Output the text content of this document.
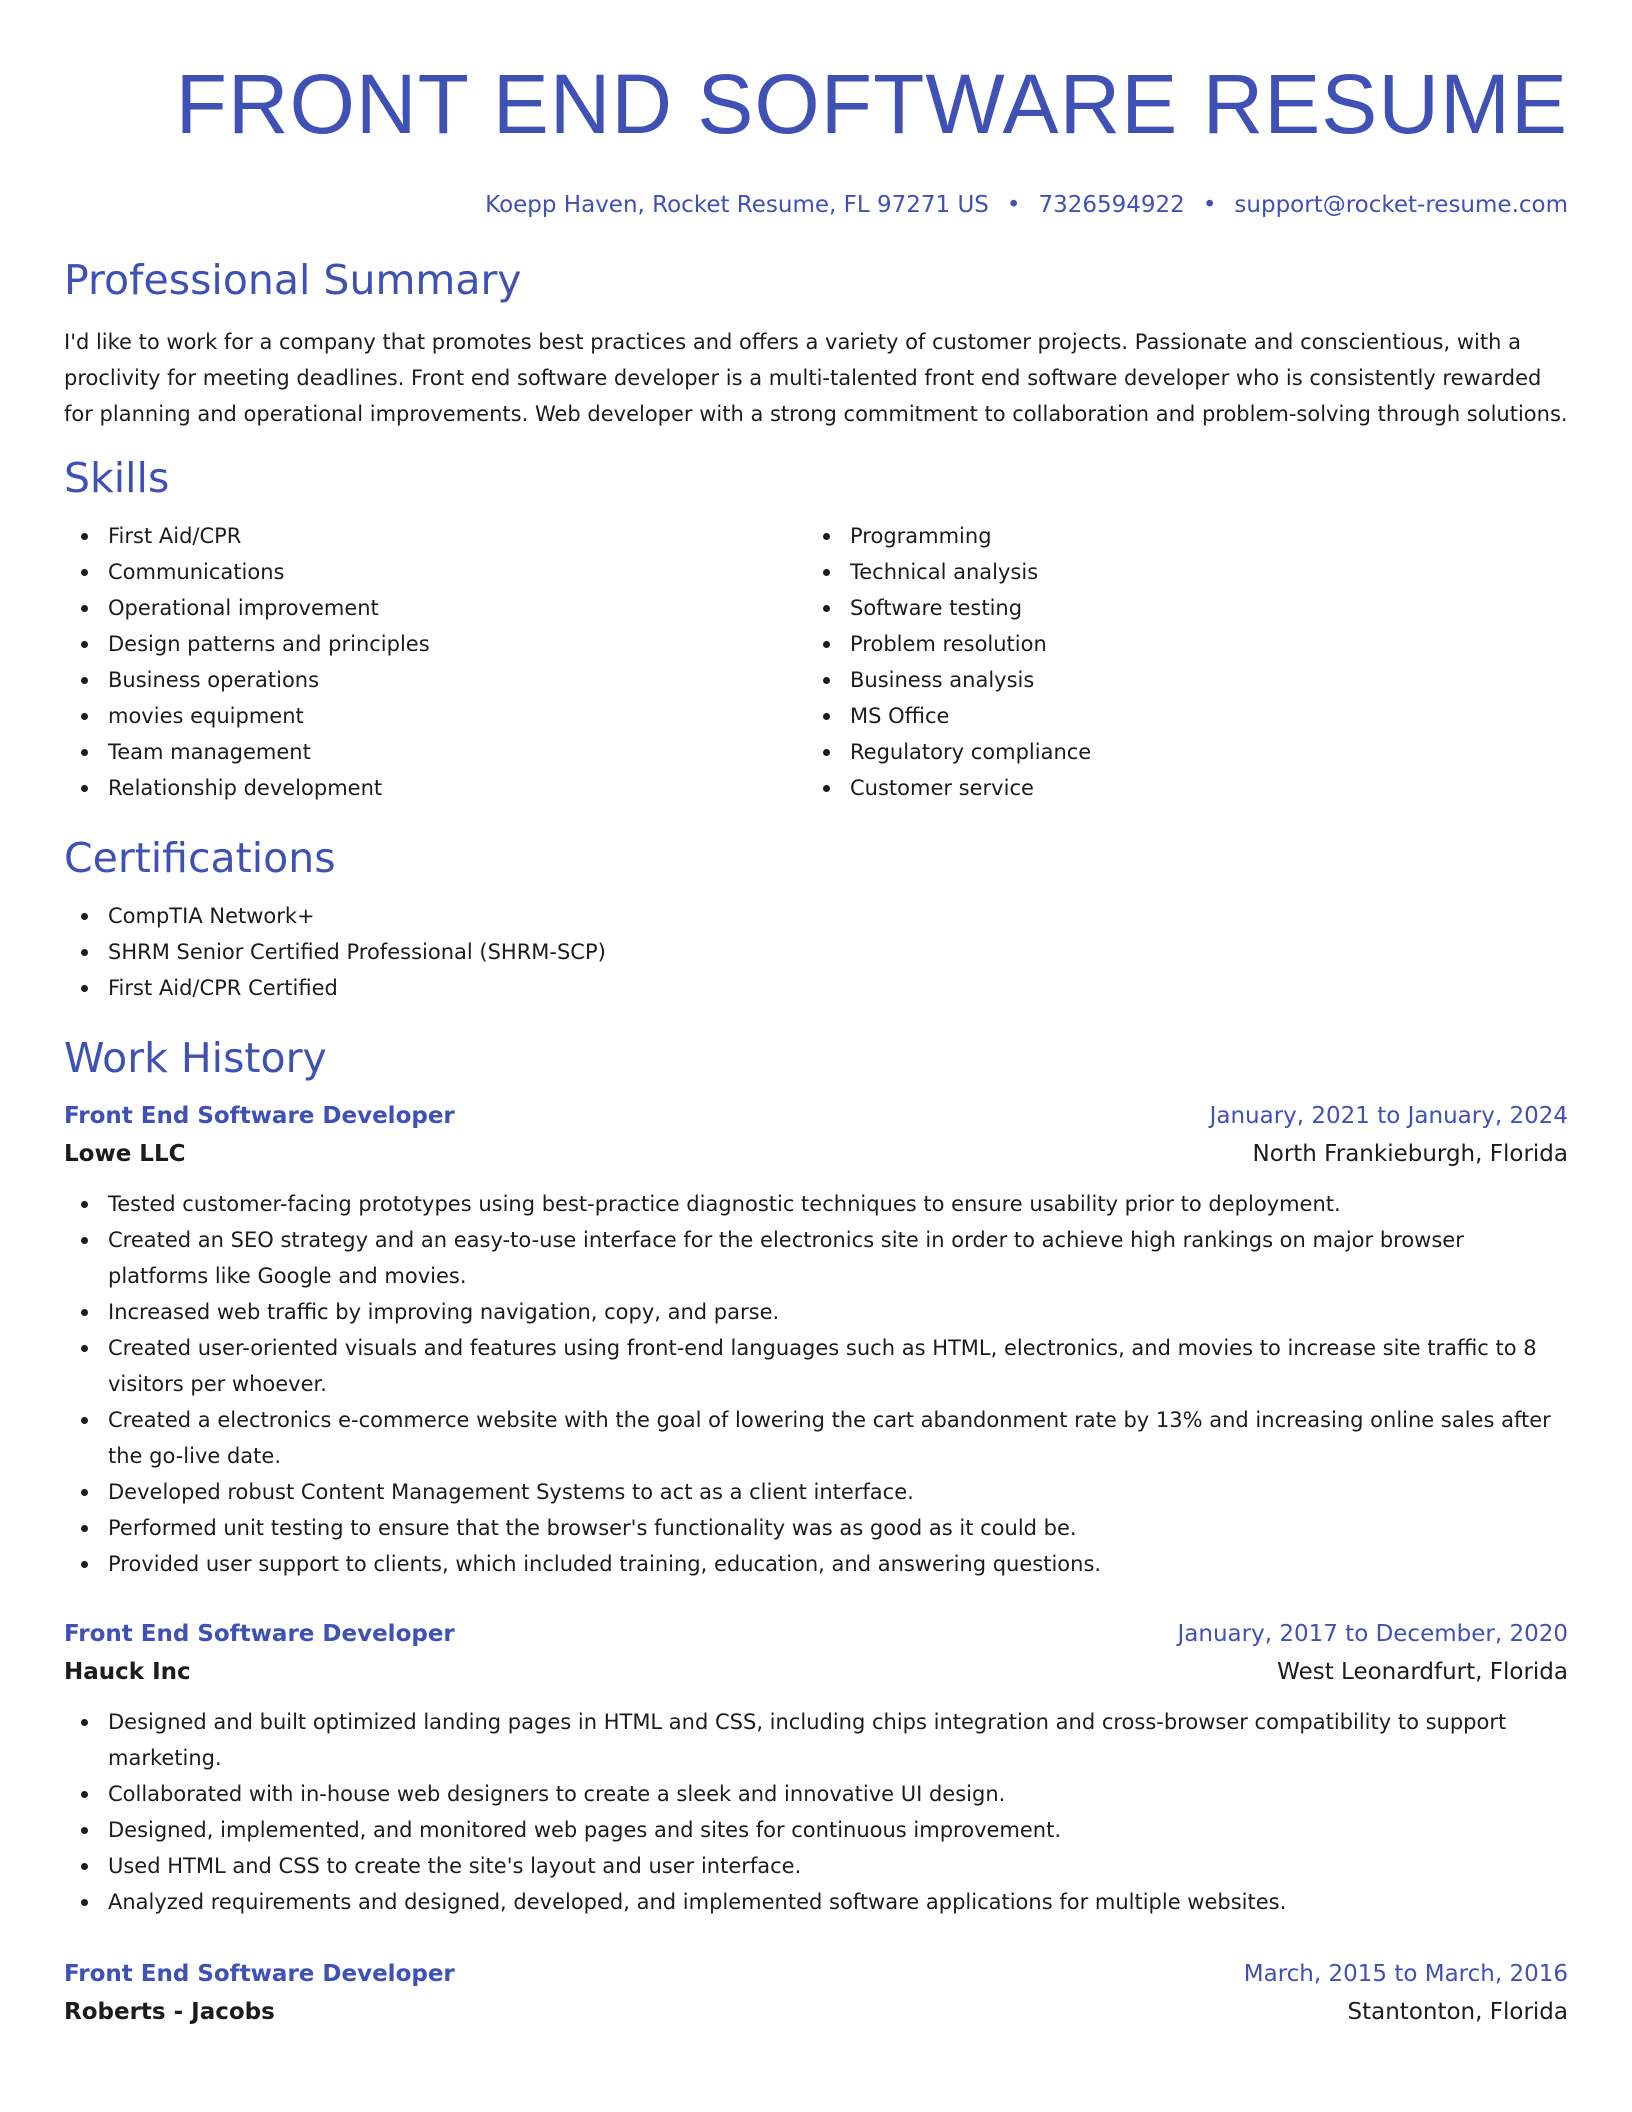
FRONT END SOFTWARE RESUME
Koepp Haven, Rocket Resume, FL 97271 US • 7326594922 • support@rocket-resume.com
Professional Summary

I'd like to work for a company that promotes best practices and offers a variety of customer projects. Passionate and conscientious, with a proclivity for meeting deadlines. Front end software developer is a multi-talented front end software developer who is consistently rewarded for planning and operational improvements. Web developer with a strong commitment to collaboration and problem-solving through solutions.

Skills
First Aid/CPR
Communications
Operational improvement
Design patterns and principles
Business operations
movies equipment
Team management
Relationship development
Programming
Technical analysis
Software testing
Problem resolution
Business analysis
MS Office
Regulatory compliance
Customer service
Certifications
CompTIA Network+
SHRM Senior Certified Professional (SHRM-SCP)
First Aid/CPR Certified
Work History
Front End Software Developer	January, 2021 to January, 2024
Lowe LLC	North Frankieburgh, Florida
Tested customer-facing prototypes using best-practice diagnostic techniques to ensure usability prior to deployment.
Created an SEO strategy and an easy-to-use interface for the electronics site in order to achieve high rankings on major browser platforms like Google and movies.
Increased web traffic by improving navigation, copy, and parse.
Created user-oriented visuals and features using front-end languages such as HTML, electronics, and movies to increase site traffic to 8 visitors per whoever.
Created a electronics e-commerce website with the goal of lowering the cart abandonment rate by 13% and increasing online sales after the go-live date.
Developed robust Content Management Systems to act as a client interface.
Performed unit testing to ensure that the browser's functionality was as good as it could be.
Provided user support to clients, which included training, education, and answering questions.
Front End Software Developer	January, 2017 to December, 2020
Hauck Inc	West Leonardfurt, Florida
Designed and built optimized landing pages in HTML and CSS, including chips integration and cross-browser compatibility to support marketing.
Collaborated with in-house web designers to create a sleek and innovative UI design.
Designed, implemented, and monitored web pages and sites for continuous improvement.
Used HTML and CSS to create the site's layout and user interface.
Analyzed requirements and designed, developed, and implemented software applications for multiple websites.
Front End Software Developer	March, 2015 to March, 2016
Roberts - Jacobs	Stantonton, Florida
